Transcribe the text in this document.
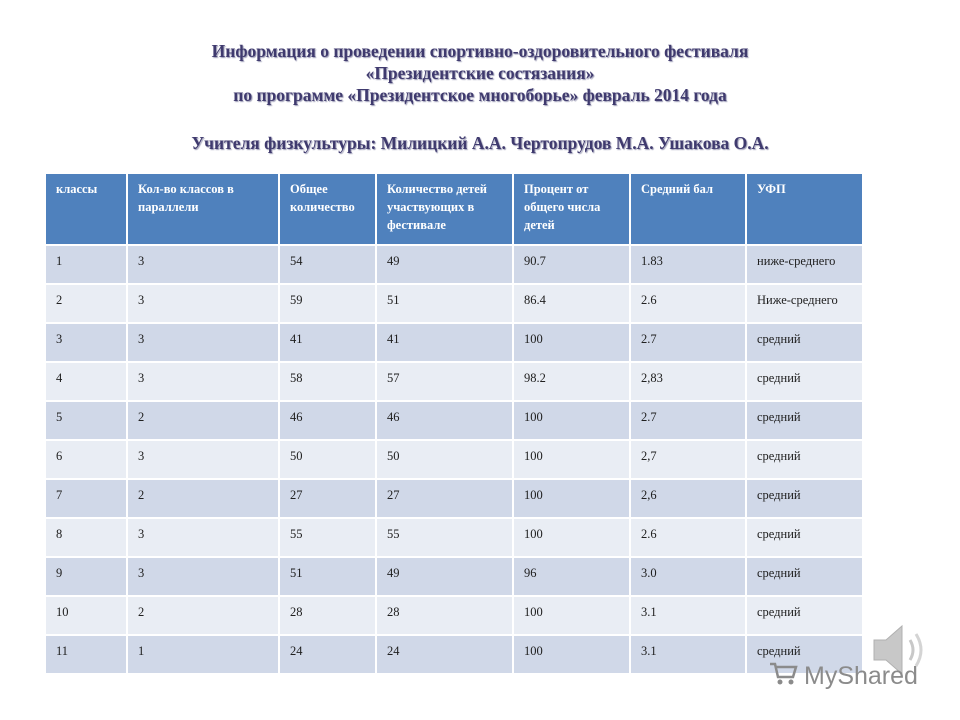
Информация о проведении спортивно-оздоровительного фестиваля
«Президентские состязания»
по программе «Президентское многоборье» февраль 2014 года
Учителя физкультуры: Милицкий А.А. Чертопрудов М.А. Ушакова О.А.
классы	Кол-во классов в параллели	Общее количество	Количество детей участвующих в фестивале	Процент от общего числа детей	Средний бал	УФП
1	3	54	49	90.7	1.83	ниже-среднего
2	3	59	51	86.4	2.6	Ниже-среднего
3	3	41	41	100	2.7	средний
4	3	58	57	98.2	2,83	средний
5	2	46	46	100	2.7	средний
6	3	50	50	100	2,7	средний
7	2	27	27	100	2,6	средний
8	3	55	55	100	2.6	средний
9	3	51	49	96	3.0	средний
10	2	28	28	100	3.1	средний
11	1	24	24	100	3.1	средний
MyShared
